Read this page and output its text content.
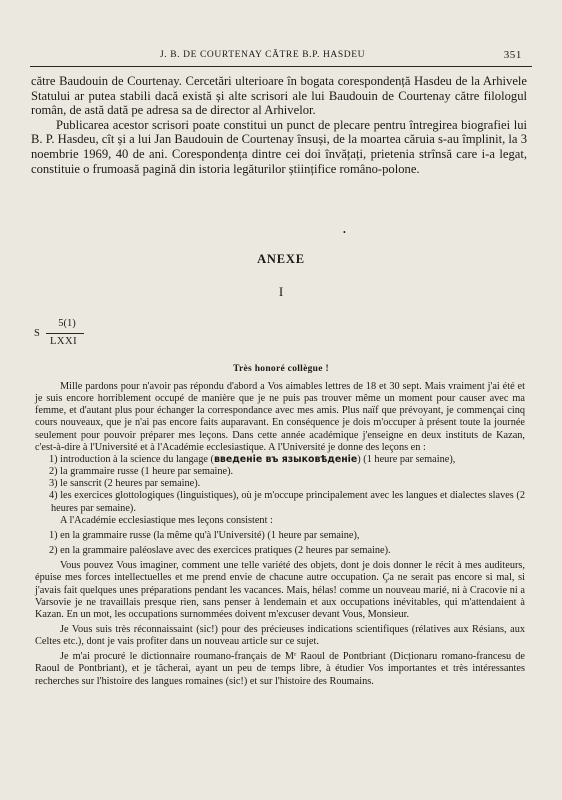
J. B. DE COURTENAY CĂTRE B.P. HASDEU	351

către Baudouin de Courtenay. Cercetări ulterioare în bogata corespondență Hasdeu de la Arhivele Statului ar putea stabili dacă există și alte scrisori ale lui Baudouin de Courtenay către filologul român, de astă dată pe adresa sa de director al Arhivelor.

Publicarea acestor scrisori poate constitui un punct de plecare pentru întregirea biografiei lui B. P. Hasdeu, cît și a lui Jan Baudouin de Courtenay însuși, de la moartea căruia s-au împlinit, la 3 noembrie 1969, 40 de ani. Corespondența dintre cei doi învățați, prietenia strînsă care i-a legat, constituie o frumoasă pagină din istoria legăturilor științifice româno-polone.

•
ANEXE
I
S
5(1)
LXXI
Très honoré collègue !

Mille pardons pour n'avoir pas répondu d'abord a Vos aimables lettres de 18 et 30 sept. Mais vraiment j'ai été et je suis encore horriblement occupé de manière que je ne puis pas trouver même un moment pour causer avec ma femme, et d'autant plus pour échanger la correspondance avec mes amis. Plus naïf que prévoyant, je commençai cinq cours nouveaux, que je n'ai pas encore faits auparavant. En conséquence je dois m'occuper à présent toute la journée seulement pour pouvoir préparer mes leçons. Dans cette année académique j'enseigne en deux instituts de Kazan, c'est-à-dire à l'Université et à l'Académie ecclesiastique. A l'Université je donne des leçons en :

1) introduction à la science du langage (введенiе въ языковѣденiе) (1 heure par semaine),

2) la grammaire russe (1 heure par semaine).

3) le sanscrit (2 heures par semaine).

4) les exercices glottologiques (linguistiques), où je m'occupe principalement avec les langues et dialectes slaves (2 heures par semaine).

A l'Académie ecclesiastique mes leçons consistent :

1) en la grammaire russe (la même qu'à l'Université) (1 heure par semaine),

2) en la grammaire paléoslave avec des exercices pratiques (2 heures par semaine).

Vous pouvez Vous imaginer, comment une telle variété des objets, dont je dois donner le récit à mes auditeurs, épuise mes forces intellectuelles et me prend envie de chacune autre occupation. Ça ne serait pas encore si mal, si j'avais fait quelques unes préparations pendant les vacances. Mais, hélas! comme un nouveau marié, ni à Cracovie ni a Varsovie je ne travaillais presque rien, sans penser à lendemain et aux occupations inévitables, qui m'attendaient à Kazan. En un mot, les occupations surnommées doivent m'excuser devant Vous, Monsieur.

Je Vous suis très réconnaissaint (sic!) pour des précieuses indications scientifiques (rélatives aux Résians, aux Celtes etc.), dont je vais profiter dans un nouveau article sur ce sujet.

Je m'ai procuré le dictionnaire roumano-français de Mʳ Raoul de Pontbriant (Dicționaru romano-francesu de Raoul de Pontbriant), et je tâcherai, ayant un peu de temps libre, à étudier Vos importantes et très intéressantes recherches sur l'histoire des langues romaines (sic!) et sur l'histoire des Roumains.
